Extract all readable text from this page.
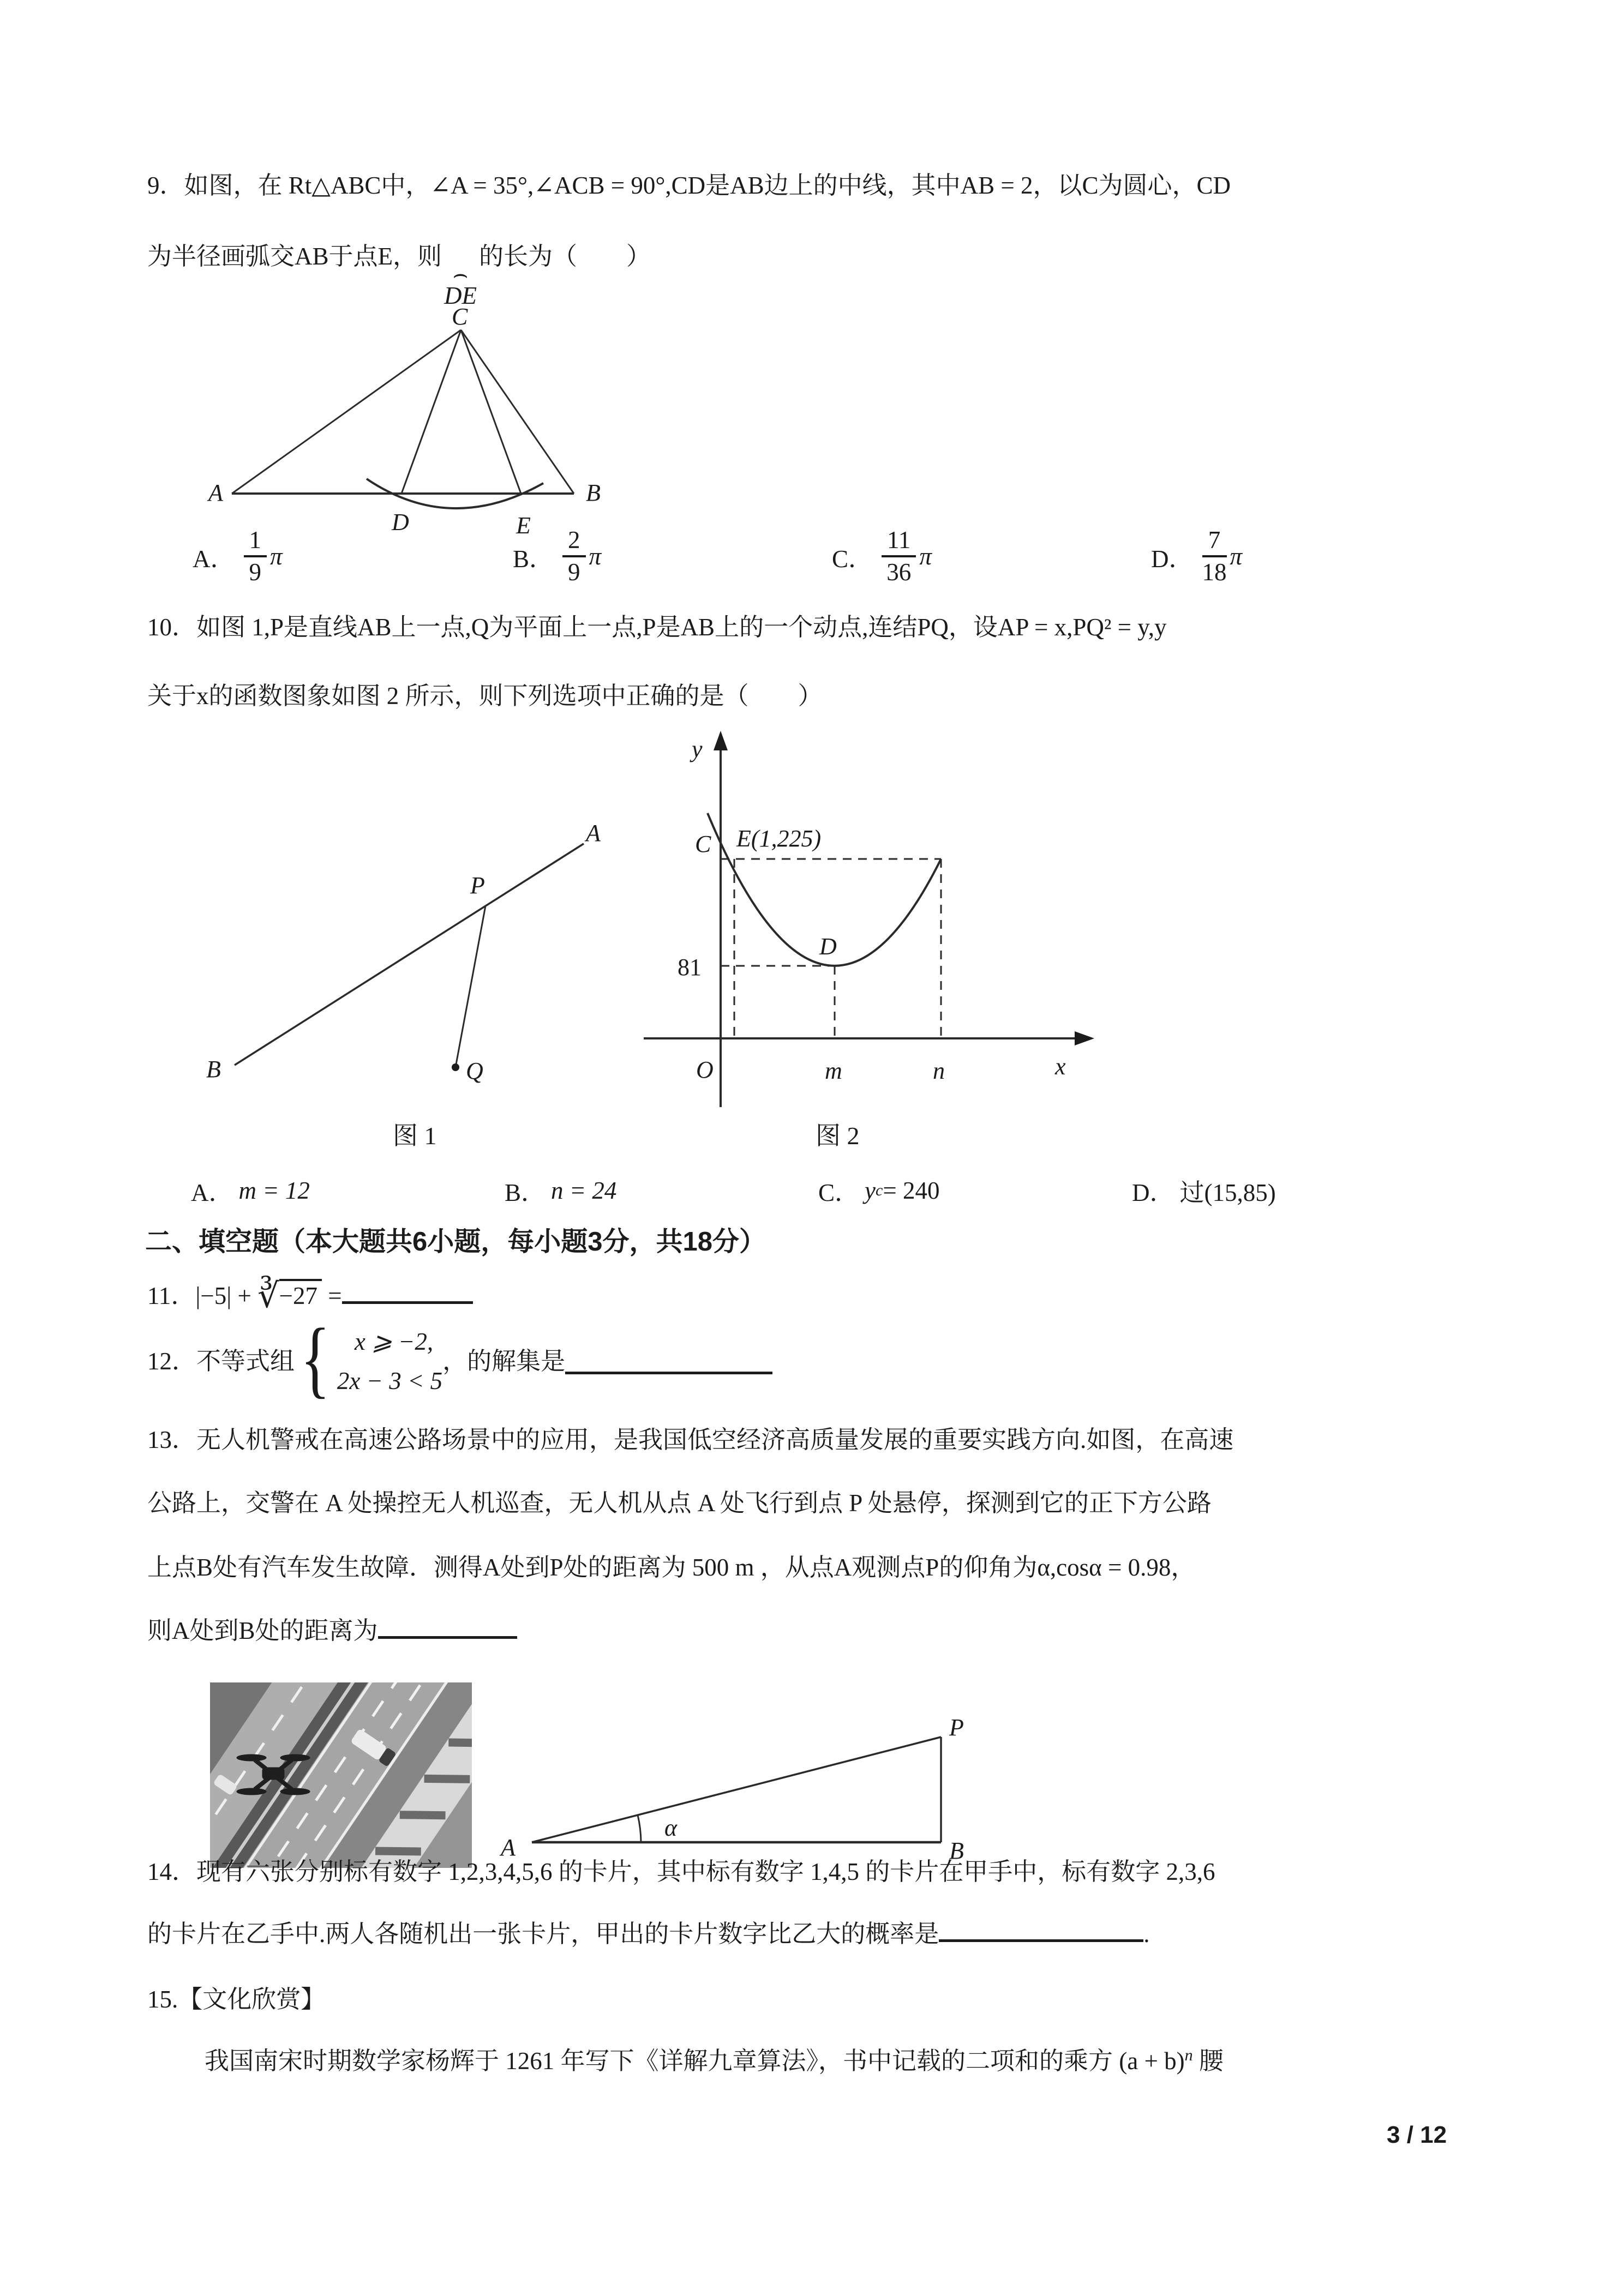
9．如图，在 Rt△ABC中，∠A = 35°,∠ACB = 90°,CD是AB边上的中线，其中AB = 2，以C为圆心，CD
为半径画弧交AB于点E，则
⌢
DE
的长为（　　）
C
A	B
D	E
A． $\frac{1}{9}$ π	B． $\frac{2}{9}$ π	C． $\frac{11}{36}$ π	D． $\frac{7}{18}$ π
10．如图 1,P是直线AB上一点,Q为平面上一点,P是AB上的一个动点,连结PQ，设AP = x,PQ² = y,y
关于x的函数图象如图 2 所示，则下列选项中正确的是（　　）
A
B
P
Q
y
x
O
C E(1,225)
81
D
m	n
图 1	图 2
A． m = 12	B． n = 24	C． y c = 240	D． 过(15,85)
二、填空题（本大题共6小题，每小题3分，共18分）
11．|−5| + ∛−27 =
12．不等式组 { x ⩾ −2,
2x − 3 < 5
， 的解集是
13．无人机警戒在高速公路场景中的应用，是我国低空经济高质量发展的重要实践方向.如图，在高速
公路上，交警在 A 处操控无人机巡查，无人机从点 A 处飞行到点 P 处悬停，探测到它的正下方公路
上点B处有汽车发生故障．测得A处到P处的距离为 500 m ，从点A观测点P的仰角为α,cosα = 0.98，
则A处到B处的距离为
A	B
P
α
14．现有六张分别标有数字 1,2,3,4,5,6 的卡片，其中标有数字 1,4,5 的卡片在甲手中，标有数字 2,3,6
的卡片在乙手中.两人各随机出一张卡片，甲出的卡片数字比乙大的概率是	.
15.【文化欣赏】
我国南宋时期数学家杨辉于 1261 年写下《详解九章算法》，书中记载的二项和的乘方 $(a + b)^n$ 腰
3 / 12
